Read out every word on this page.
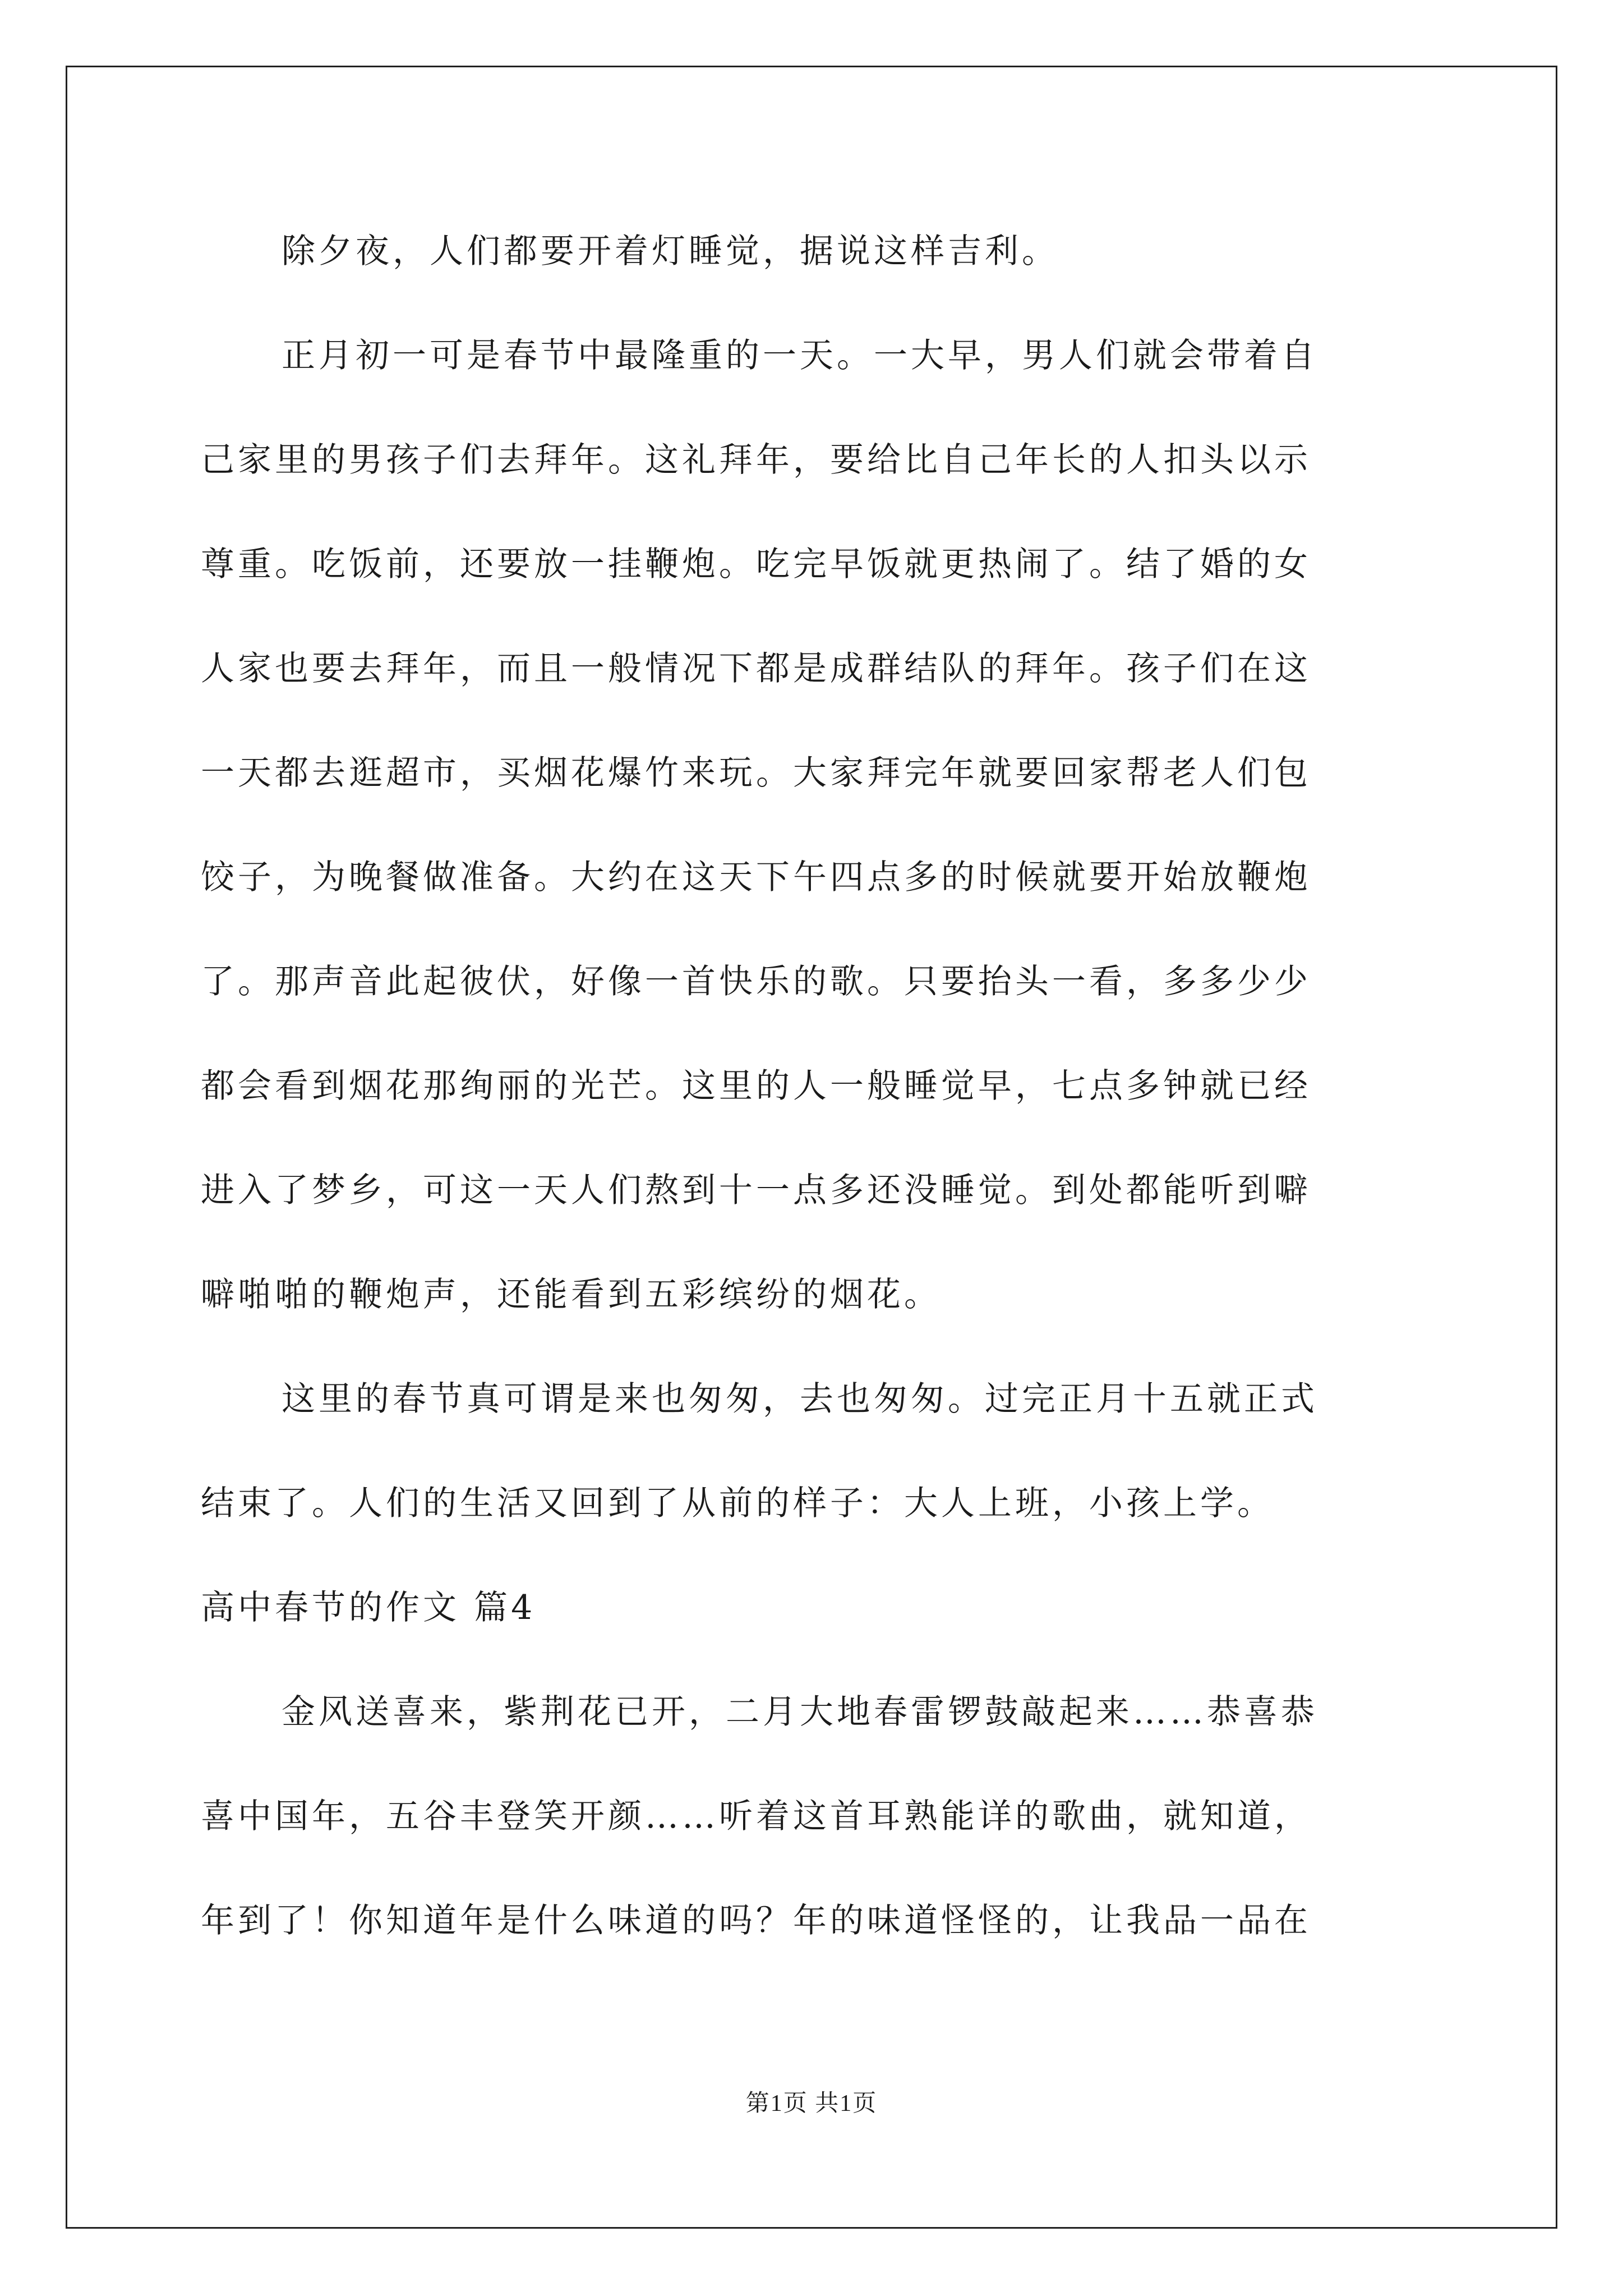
除夕夜，人们都要开着灯睡觉，据说这样吉利。
正月初一可是春节中最隆重的一天。一大早，男人们就会带着自
己家里的男孩子们去拜年。这礼拜年，要给比自己年长的人扣头以示
尊重。吃饭前，还要放一挂鞭炮。吃完早饭就更热闹了。结了婚的女
人家也要去拜年，而且一般情况下都是成群结队的拜年。孩子们在这
一天都去逛超市，买烟花爆竹来玩。大家拜完年就要回家帮老人们包
饺子，为晚餐做准备。大约在这天下午四点多的时候就要开始放鞭炮
了。那声音此起彼伏，好像一首快乐的歌。只要抬头一看，多多少少
都会看到烟花那绚丽的光芒。这里的人一般睡觉早，七点多钟就已经
进入了梦乡，可这一天人们熬到十一点多还没睡觉。到处都能听到噼
噼啪啪的鞭炮声，还能看到五彩缤纷的烟花。
这里的春节真可谓是来也匆匆，去也匆匆。过完正月十五就正式
结束了。人们的生活又回到了从前的样子：大人上班，小孩上学。
高中春节的作文 篇4
金风送喜来，紫荆花已开，二月大地春雷锣鼓敲起来……恭喜恭
喜中国年，五谷丰登笑开颜……听着这首耳熟能详的歌曲，就知道，
年到了！你知道年是什么味道的吗？年的味道怪怪的，让我品一品在
第1页 共1页
